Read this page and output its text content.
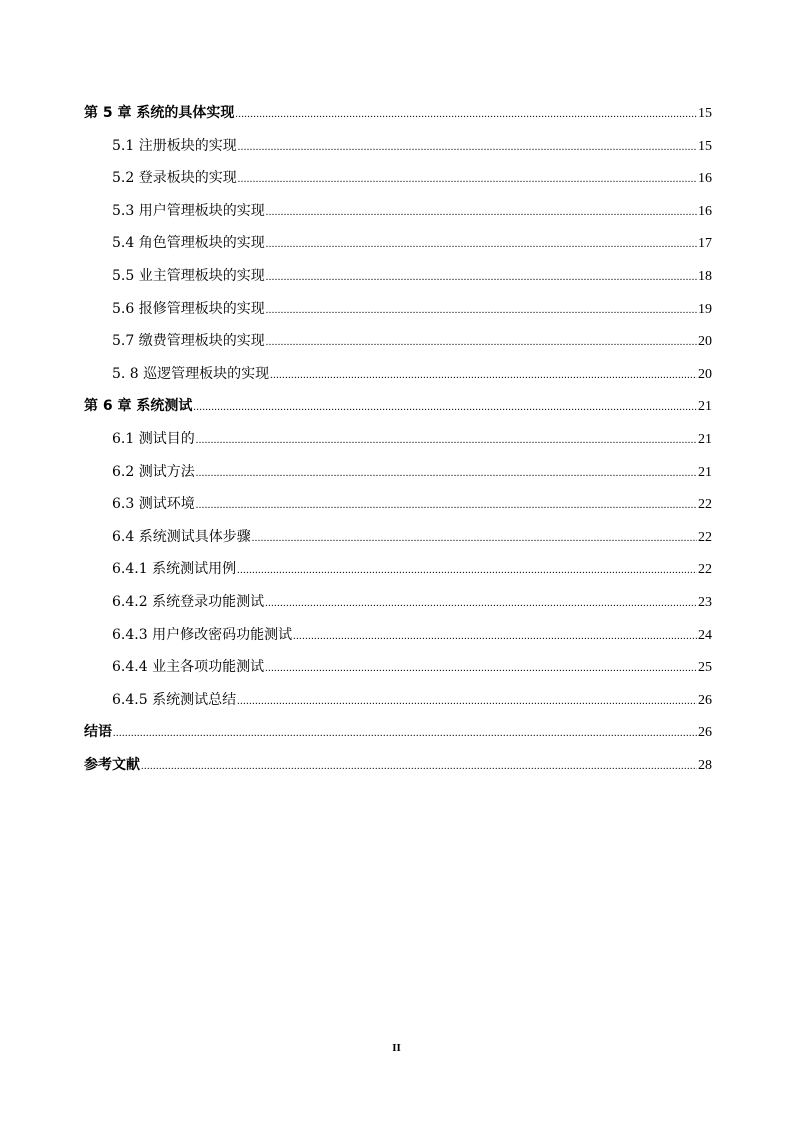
第 5 章 系统的具体实现 .....	15
5.1 注册板块的实现 .....	15
5.2 登录板块的实现 .....	16
5.3 用户管理板块的实现 .....	16
5.4 角色管理板块的实现 .....	17
5.5 业主管理板块的实现 .....	18
5.6 报修管理板块的实现 .....	19
5.7 缴费管理板块的实现 .....	20
5. 8 巡逻管理板块的实现 .....	20
第 6 章 系统测试 .....	21
6.1 测试目的 .....	21
6.2 测试方法 .....	21
6.3 测试环境 .....	22
6.4 系统测试具体步骤 .....	22
6.4.1 系统测试用例 .....	22
6.4.2 系统登录功能测试 .....	23
6.4.3 用户修改密码功能测试 .....	24
6.4.4 业主各项功能测试 .....	25
6.4.5 系统测试总结 .....	26
结语 .....	26
参考文献 .....	28
II
